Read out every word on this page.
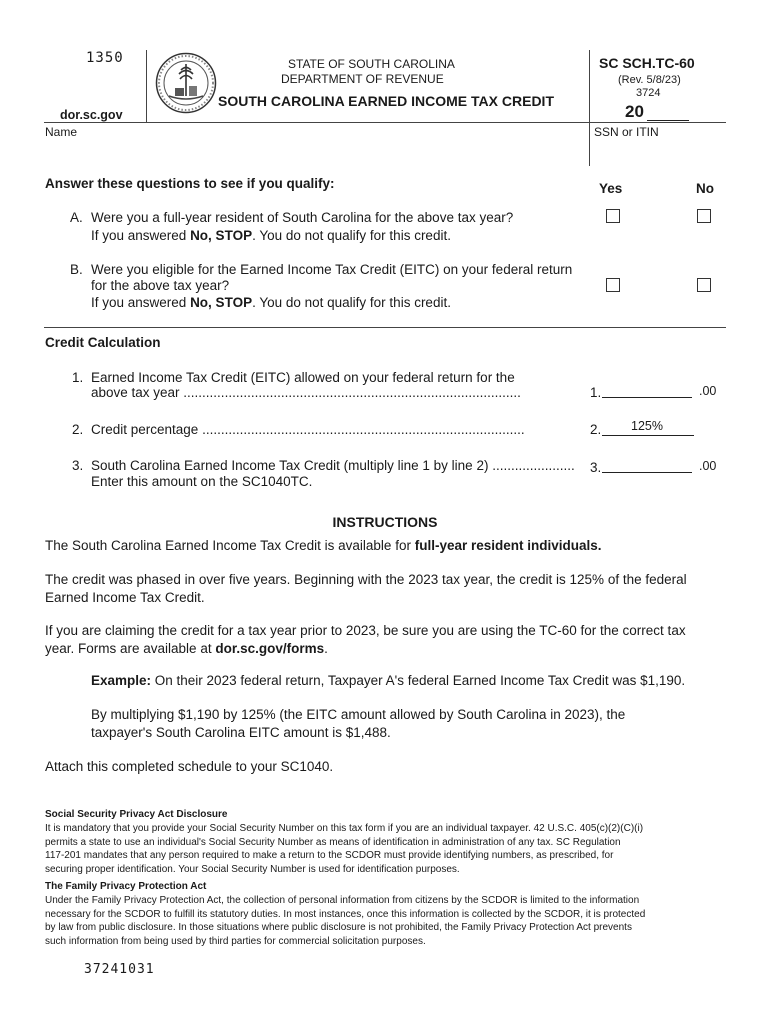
1350
dor.sc.gov
STATE OF SOUTH CAROLINA
DEPARTMENT OF REVENUE
SOUTH CAROLINA EARNED INCOME TAX CREDIT
SC SCH.TC-60
(Rev. 5/8/23)
3724
20
Name	SSN or ITIN
Answer these questions to see if you qualify:	Yes	No
A. Were you a full-year resident of South Carolina for the above tax year?
If you answered No, STOP. You do not qualify for this credit.
B. Were you eligible for the Earned Income Tax Credit (EITC) on your federal return
for the above tax year?
If you answered No, STOP. You do not qualify for this credit.
Credit Calculation
1. Earned Income Tax Credit (EITC) allowed on your federal return for the
above tax year ..........................................................................................	1.	.00
2. Credit percentage ......................................................................................	2. 125%
3. South Carolina Earned Income Tax Credit (multiply line 1 by line 2) ......................
Enter this amount on the SC1040TC.
3.	.00
INSTRUCTIONS
The South Carolina Earned Income Tax Credit is available for full-year resident individuals.
The credit was phased in over five years. Beginning with the 2023 tax year, the credit is 125% of the federal
Earned Income Tax Credit.
If you are claiming the credit for a tax year prior to 2023, be sure you are using the TC-60 for the correct tax
year. Forms are available at dor.sc.gov/forms.
Example: On their 2023 federal return, Taxpayer A's federal Earned Income Tax Credit was $1,190.
By multiplying $1,190 by 125% (the EITC amount allowed by South Carolina in 2023), the
taxpayer's South Carolina EITC amount is $1,488.
Attach this completed schedule to your SC1040.
Social Security Privacy Act Disclosure
It is mandatory that you provide your Social Security Number on this tax form if you are an individual taxpayer. 42 U.S.C. 405(c)(2)(C)(i)
permits a state to use an individual's Social Security Number as means of identification in administration of any tax. SC Regulation
117-201 mandates that any person required to make a return to the SCDOR must provide identifying numbers, as prescribed, for
securing proper identification. Your Social Security Number is used for identification purposes.
The Family Privacy Protection Act
Under the Family Privacy Protection Act, the collection of personal information from citizens by the SCDOR is limited to the information
necessary for the SCDOR to fulfill its statutory duties. In most instances, once this information is collected by the SCDOR, it is protected
by law from public disclosure. In those situations where public disclosure is not prohibited, the Family Privacy Protection Act prevents
such information from being used by third parties for commercial solicitation purposes.
37241031
